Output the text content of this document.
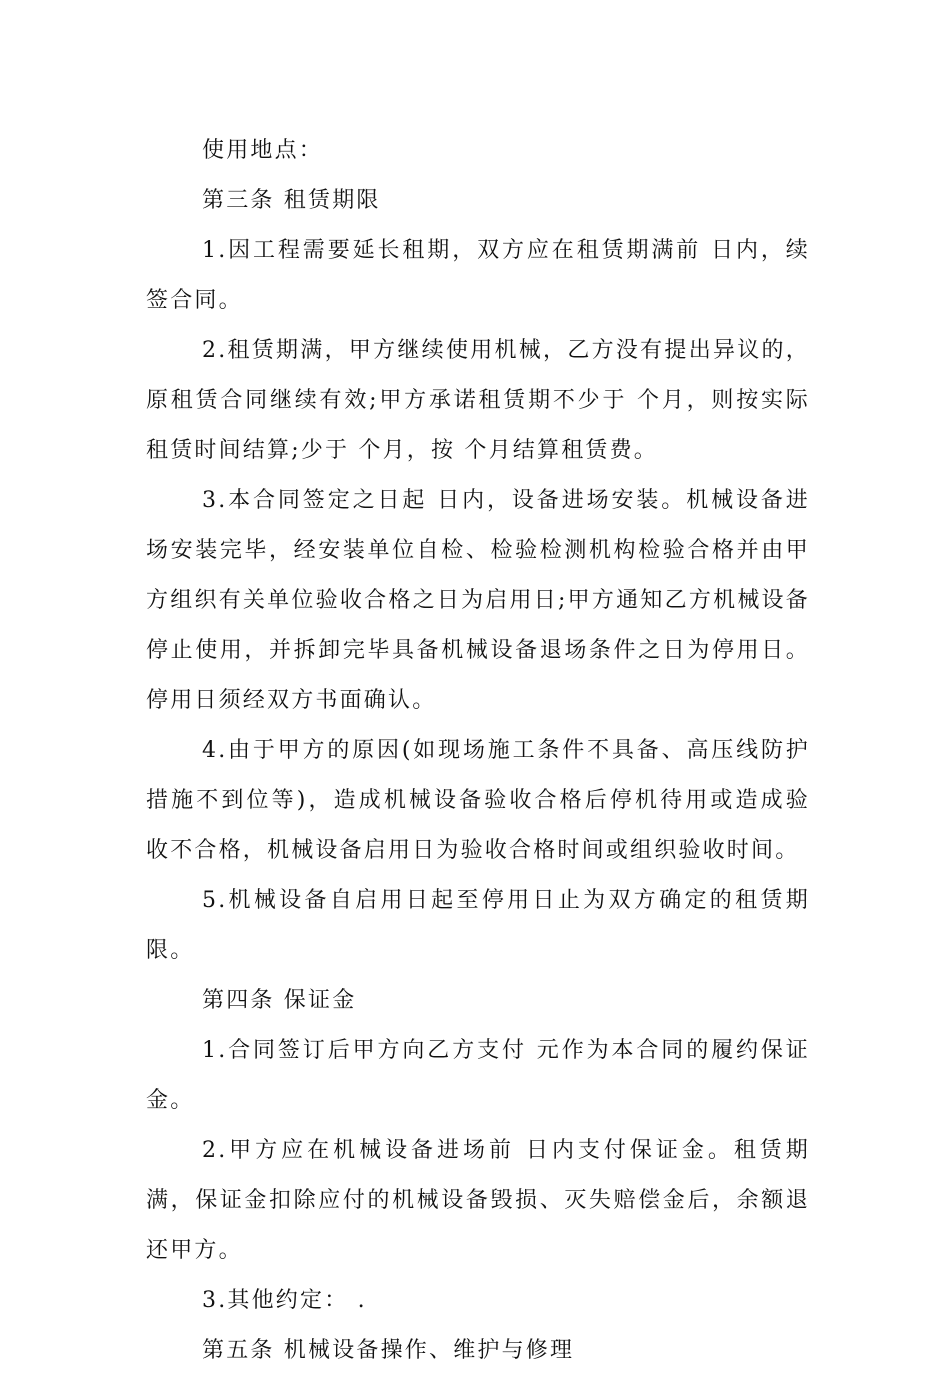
使用地点：

第三条 租赁期限

1.因工程需要延长租期，双方应在租赁期满前 日内，续签合同。

2.租赁期满，甲方继续使用机械，乙方没有提出异议的，原租赁合同继续有效;甲方承诺租赁期不少于 个月，则按实际租赁时间结算;少于 个月，按 个月结算租赁费。

3.本合同签定之日起 日内，设备进场安装。机械设备进场安装完毕，经安装单位自检、检验检测机构检验合格并由甲方组织有关单位验收合格之日为启用日;甲方通知乙方机械设备停止使用，并拆卸完毕具备机械设备退场条件之日为停用日。停用日须经双方书面确认。

4.由于甲方的原因(如现场施工条件不具备、高压线防护措施不到位等)，造成机械设备验收合格后停机待用或造成验收不合格，机械设备启用日为验收合格时间或组织验收时间。

5.机械设备自启用日起至停用日止为双方确定的租赁期限。

第四条 保证金

1.合同签订后甲方向乙方支付 元作为本合同的履约保证金。

2.甲方应在机械设备进场前 日内支付保证金。租赁期满，保证金扣除应付的机械设备毁损、灭失赔偿金后，余额退还甲方。

3.其他约定： .

第五条 机械设备操作、维护与修理
